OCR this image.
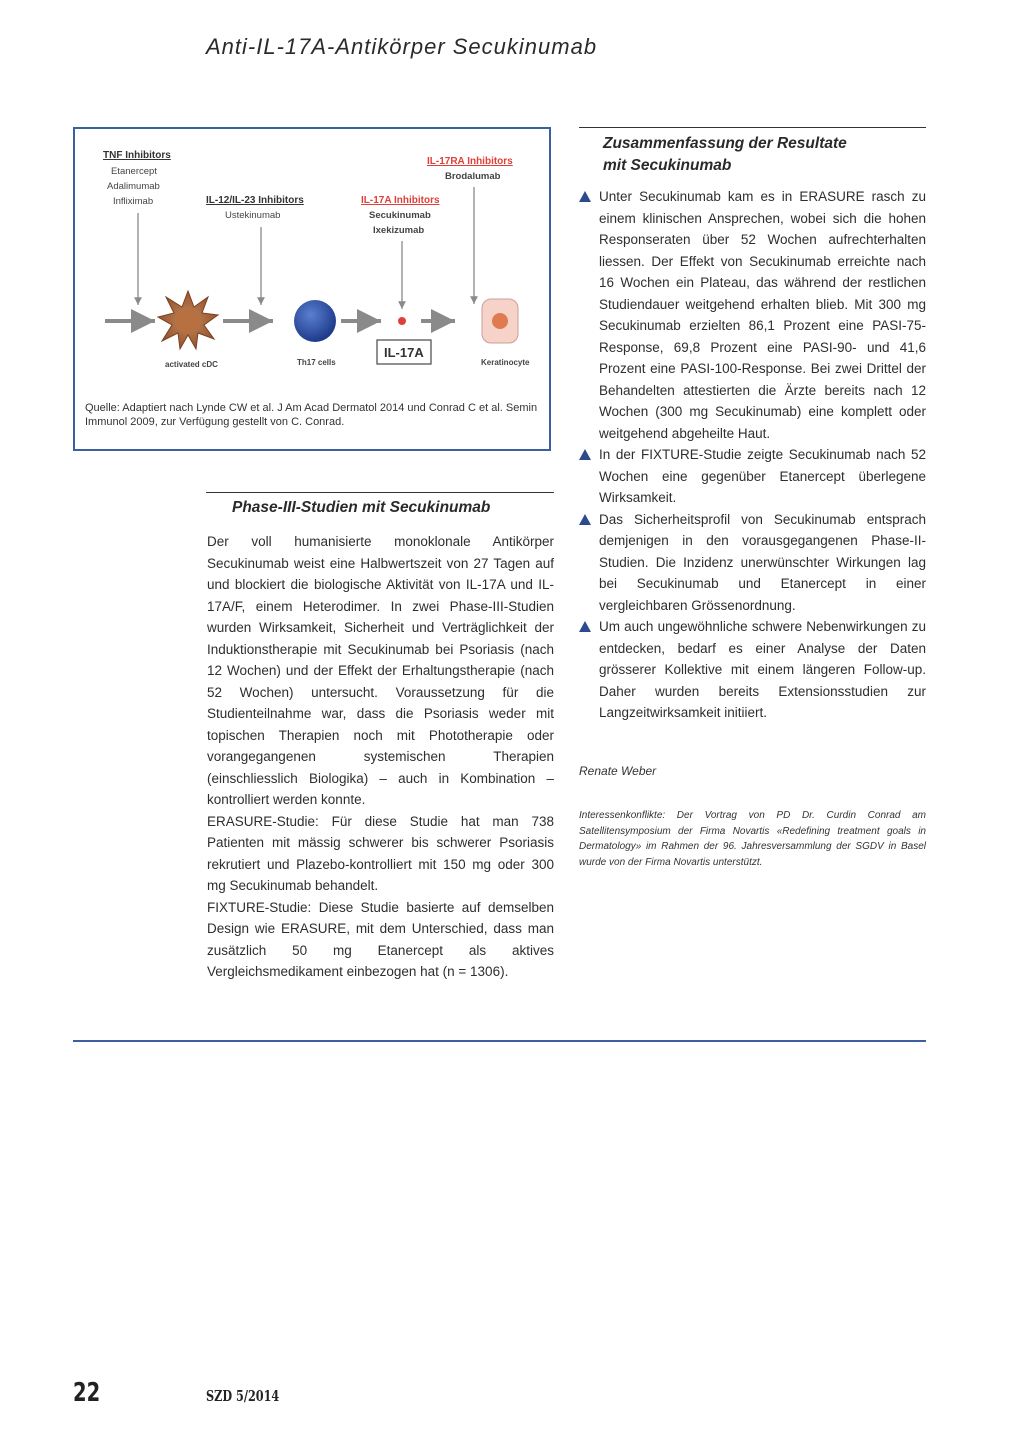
Anti-IL-17A-Antikörper Secukinumab
TNF Inhibitors
Etanercept
Adalimumab
Infliximab	IL-12/IL-23 Inhibitors
Ustekinumab
IL-17A Inhibitors
Secukinumab
Ixekizumab
IL-17RA Inhibitors
Brodalumab
activated cDC	Th17 cells
IL-17A
Keratinocyte
Quelle: Adaptiert nach Lynde CW et al. J Am Acad Dermatol 2014 und Conrad C et al. Semin Immunol 2009, zur Verfügung gestellt von C. Conrad.
Phase-III-Studien mit Secukinumab

Der voll humanisierte monoklonale Antikörper Secukinumab weist eine Halbwertszeit von 27 Tagen auf und blockiert die biologische Aktivität von IL-17A und IL-17A/F, einem Heterodimer. In zwei Phase-III-Studien wurden Wirksamkeit, Sicherheit und Verträglichkeit der Induktionstherapie mit Secukinumab bei Psoriasis (nach 12 Wochen) und der Effekt der Erhaltungstherapie (nach 52 Wochen) untersucht. Voraussetzung für die Studienteilnahme war, dass die Psoriasis weder mit topischen Therapien noch mit Phototherapie oder vorangegangenen systemischen Therapien (einschliesslich Biologika) – auch in Kombination – kontrolliert werden konnte.

ERASURE-Studie: Für diese Studie hat man 738 Patienten mit mässig schwerer bis schwerer Psoriasis rekrutiert und Plazebo-kontrolliert mit 150 mg oder 300 mg Secukinumab behandelt.

FIXTURE-Studie: Diese Studie basierte auf demselben Design wie ERASURE, mit dem Unterschied, dass man zusätzlich 50 mg Etanercept als aktives Vergleichsmedikament einbezogen hat (n = 1306).

Zusammenfassung der Resultate
mit Secukinumab
Unter Secukinumab kam es in ERASURE rasch zu einem klinischen Ansprechen, wobei sich die hohen Responseraten über 52 Wochen aufrechterhalten liessen. Der Effekt von Secukinumab erreichte nach 16 Wochen ein Plateau, das während der restlichen Studiendauer weitgehend erhalten blieb. Mit 300 mg Secukinumab erzielten 86,1 Prozent eine PASI-75-Response, 69,8 Prozent eine PASI-90- und 41,6 Prozent eine PASI-100-Response. Bei zwei Drittel der Behandelten attestierten die Ärzte bereits nach 12 Wochen (300 mg Secukinumab) eine komplett oder weitgehend abgeheilte Haut.
In der FIXTURE-Studie zeigte Secukinumab nach 52 Wochen eine gegenüber Etanercept überlegene Wirksamkeit.
Das Sicherheitsprofil von Secukinumab entsprach demjenigen in den vorausgegangenen Phase-II-Studien. Die Inzidenz unerwünschter Wirkungen lag bei Secukinumab und Etanercept in einer vergleichbaren Grössenordnung.
Um auch ungewöhnliche schwere Nebenwirkungen zu entdecken, bedarf es einer Analyse der Daten grösserer Kollektive mit einem längeren Follow-up. Daher wurden bereits Extensionsstudien zur Langzeitwirksamkeit initiiert.
Renate Weber
Interessenkonflikte: Der Vortrag von PD Dr. Curdin Conrad am Satellitensymposium der Firma Novartis «Redefining treatment goals in Dermatology» im Rahmen der 96. Jahresversammlung der SGDV in Basel wurde von der Firma Novartis unterstützt.
22	SZD 5/2014
